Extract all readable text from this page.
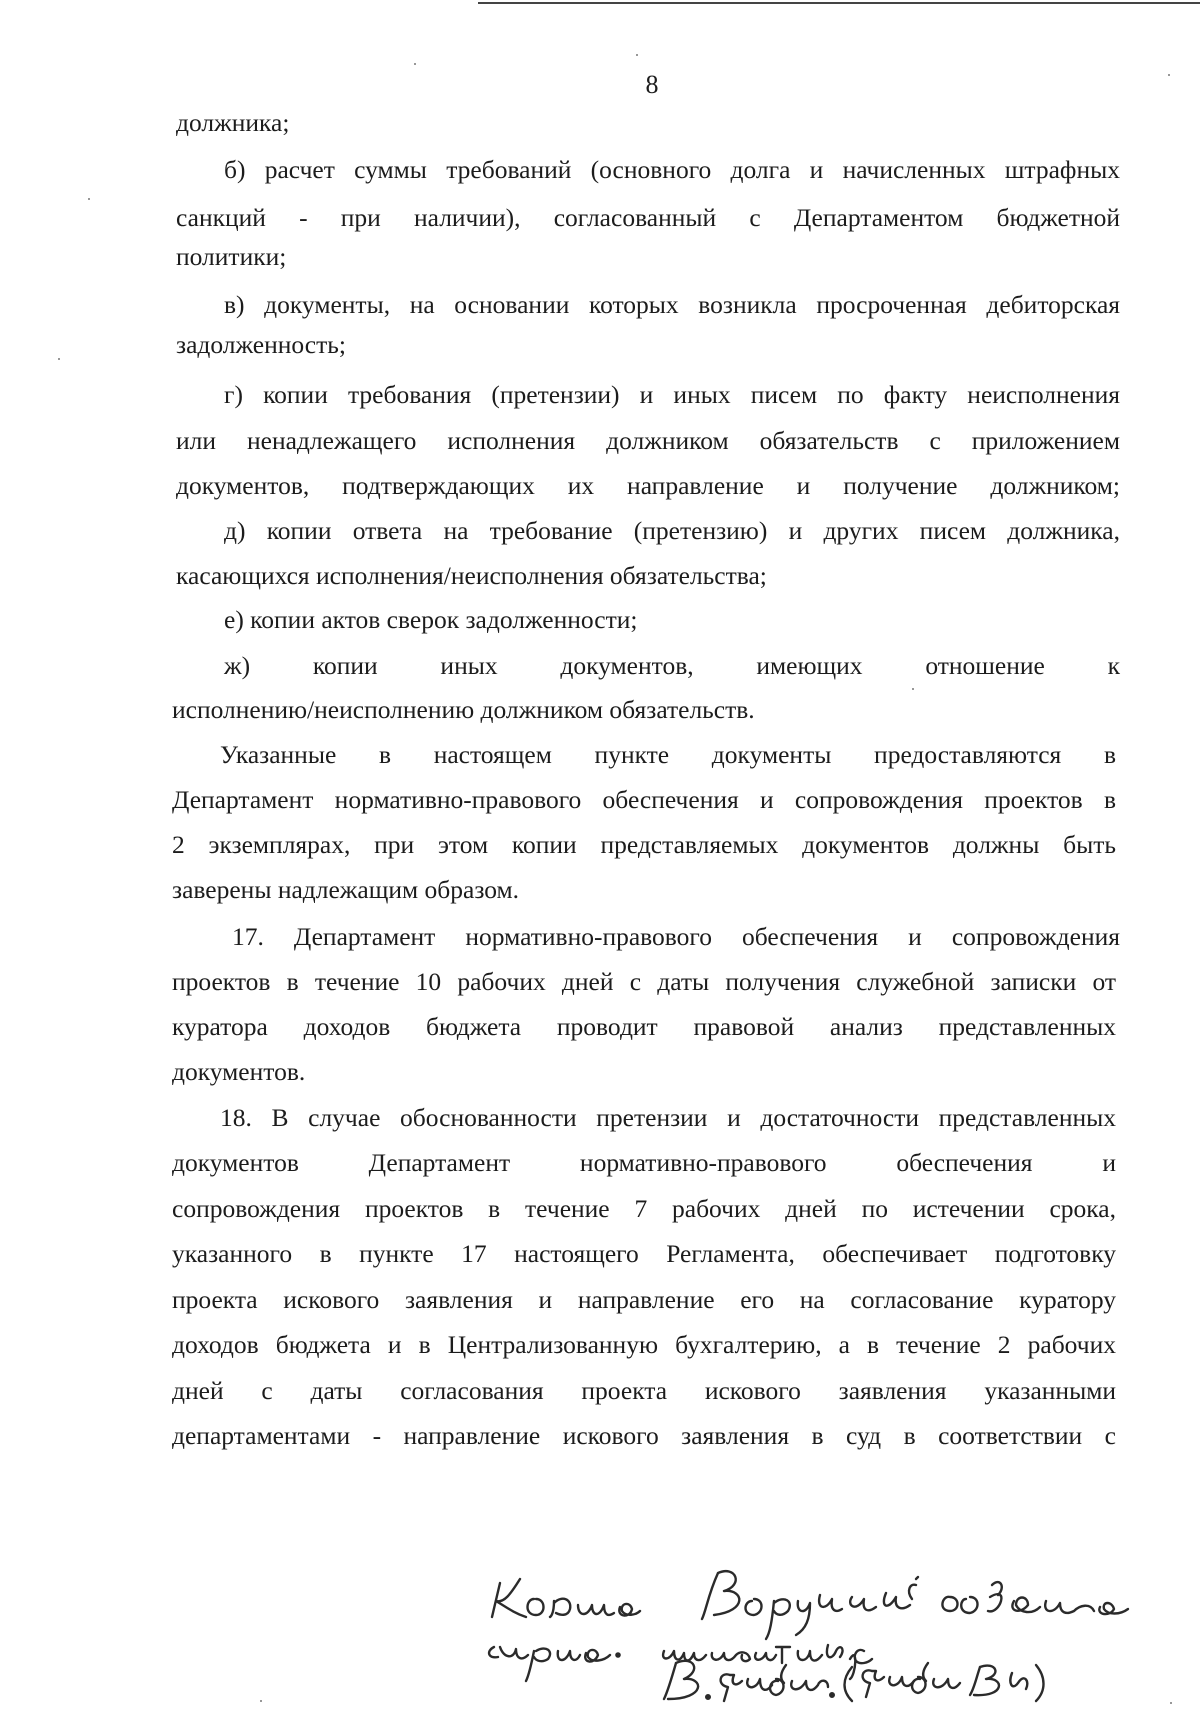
8
должника;
б) расчет суммы требований (основного долга и начисленных штрафных
санкций - при наличии), согласованный с Департаментом бюджетной
политики;
в) документы, на основании которых возникла просроченная дебиторская
задолженность;
г) копии требования (претензии) и иных писем по факту неисполнения
или ненадлежащего исполнения должником обязательств с приложением
документов, подтверждающих их направление и получение должником;
д) копии ответа на требование (претензию) и других писем должника,
касающихся исполнения/неисполнения обязательства;
е) копии актов сверок задолженности;
ж) копии иных документов, имеющих отношение к
исполнению/неисполнению должником обязательств.
Указанные в настоящем пункте документы предоставляются в
Департамент нормативно-правового обеспечения и сопровождения проектов в
2 экземплярах, при этом копии представляемых документов должны быть
заверены надлежащим образом.
17. Департамент нормативно-правового обеспечения и сопровождения
проектов в течение 10 рабочих дней с даты получения служебной записки от
куратора доходов бюджета проводит правовой анализ представленных
документов.
18. В случае обоснованности претензии и достаточности представленных
документов Департамент нормативно-правового обеспечения и
сопровождения проектов в течение 7 рабочих дней по истечении срока,
указанного в пункте 17 настоящего Регламента, обеспечивает подготовку
проекта искового заявления и направление его на согласование куратору
доходов бюджета и в Централизованную бухгалтерию, а в течение 2 рабочих
дней с даты согласования проекта искового заявления указанными
департаментами - направление искового заявления в суд в соответствии с
